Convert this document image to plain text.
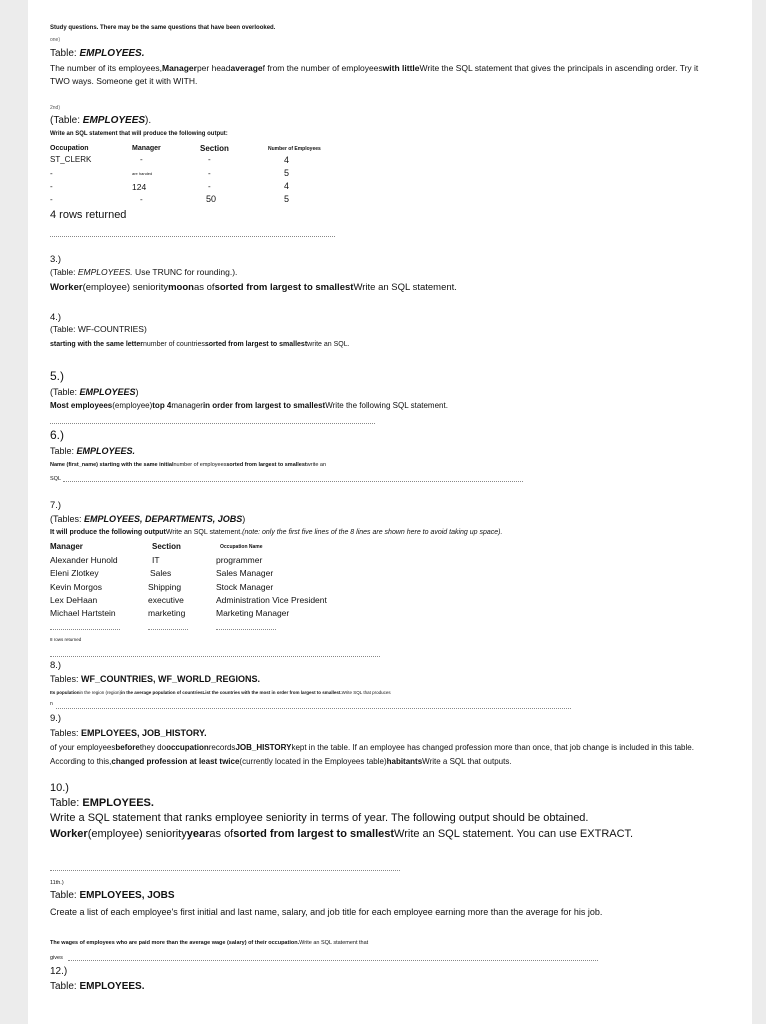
Study questions. There may be the same questions that have been overlooked.
one)
Table: EMPLOYEES.
The number of its employees,Managerper headaveragef from the number of employeeswith littleWrite the SQL statement that gives the principals in ascending order. Try it TWO ways. Someone get it with WITH.
2nd)
(Table: EMPLOYEES).
Write an SQL statement that will produce the following output:
Occupation	Manager	Section	Number of Employees
ST_CLERK	-	-	4
-	are handed	-	5
-	124	-	4
-	-	50	5
4 rows returned
3.)
(Table: EMPLOYEES. Use TRUNC for rounding.).
Worker(employee) senioritymoonas ofsorted from largest to smallestWrite an SQL statement.
4.)
(Table: WF-COUNTRIES)
starting with the same letternumber of countriessorted from largest to smallestwrite an SQL.
5.)
(Table: EMPLOYEES)
Most employees(employee)top 4managerin order from largest to smallestWrite the following SQL statement.
6.)
Table: EMPLOYEES.
Name (first_name) starting with the same initialnumber of employeessorted from largest to smallestwrite an
SQL
7.)
(Tables: EMPLOYEES, DEPARTMENTS, JOBS)
It will produce the following outputWrite an SQL statement.(note: only the first five lines of the 8 lines are shown here to avoid taking up space).
Manager	Section	Occupation Name
Alexander Hunold	IT	programmer
Eleni Zlotkey	Sales	Sales Manager
Kevin Morgos	Shipping	Stock Manager
Lex DeHaan	executive	Administration Vice President
Michael Hartstein	marketing	Marketing Manager
8 rows returned
8.)
Tables: WF_COUNTRIES, WF_WORLD_REGIONS.
Its populationin the region (region)in the average population of countriesList the countries with the most in order from largest to smallest.Write SQL that produces
n
9.)
Tables: EMPLOYEES, JOB_HISTORY.
of your employeesbeforethey dooccupationrecordsJOB_HISTORYkept in the table. If an employee has changed profession more than once, that job change is included in this table. According to this,changed profession at least twice(currently located in the Employees table)habitantsWrite a SQL that outputs.
10.)
Table: EMPLOYEES.
Write a SQL statement that ranks employee seniority in terms of year. The following output should be obtained.
Worker(employee) seniorityyearas ofsorted from largest to smallestWrite an SQL statement. You can use EXTRACT.
11th.)
Table: EMPLOYEES, JOBS
Create a list of each employee's first initial and last name, salary, and job title for each employee earning more than the average for his job.
The wages of employees who are paid more than the average wage (salary) of their occupation.Write an SQL statement that
gives
12.)
Table: EMPLOYEES.
